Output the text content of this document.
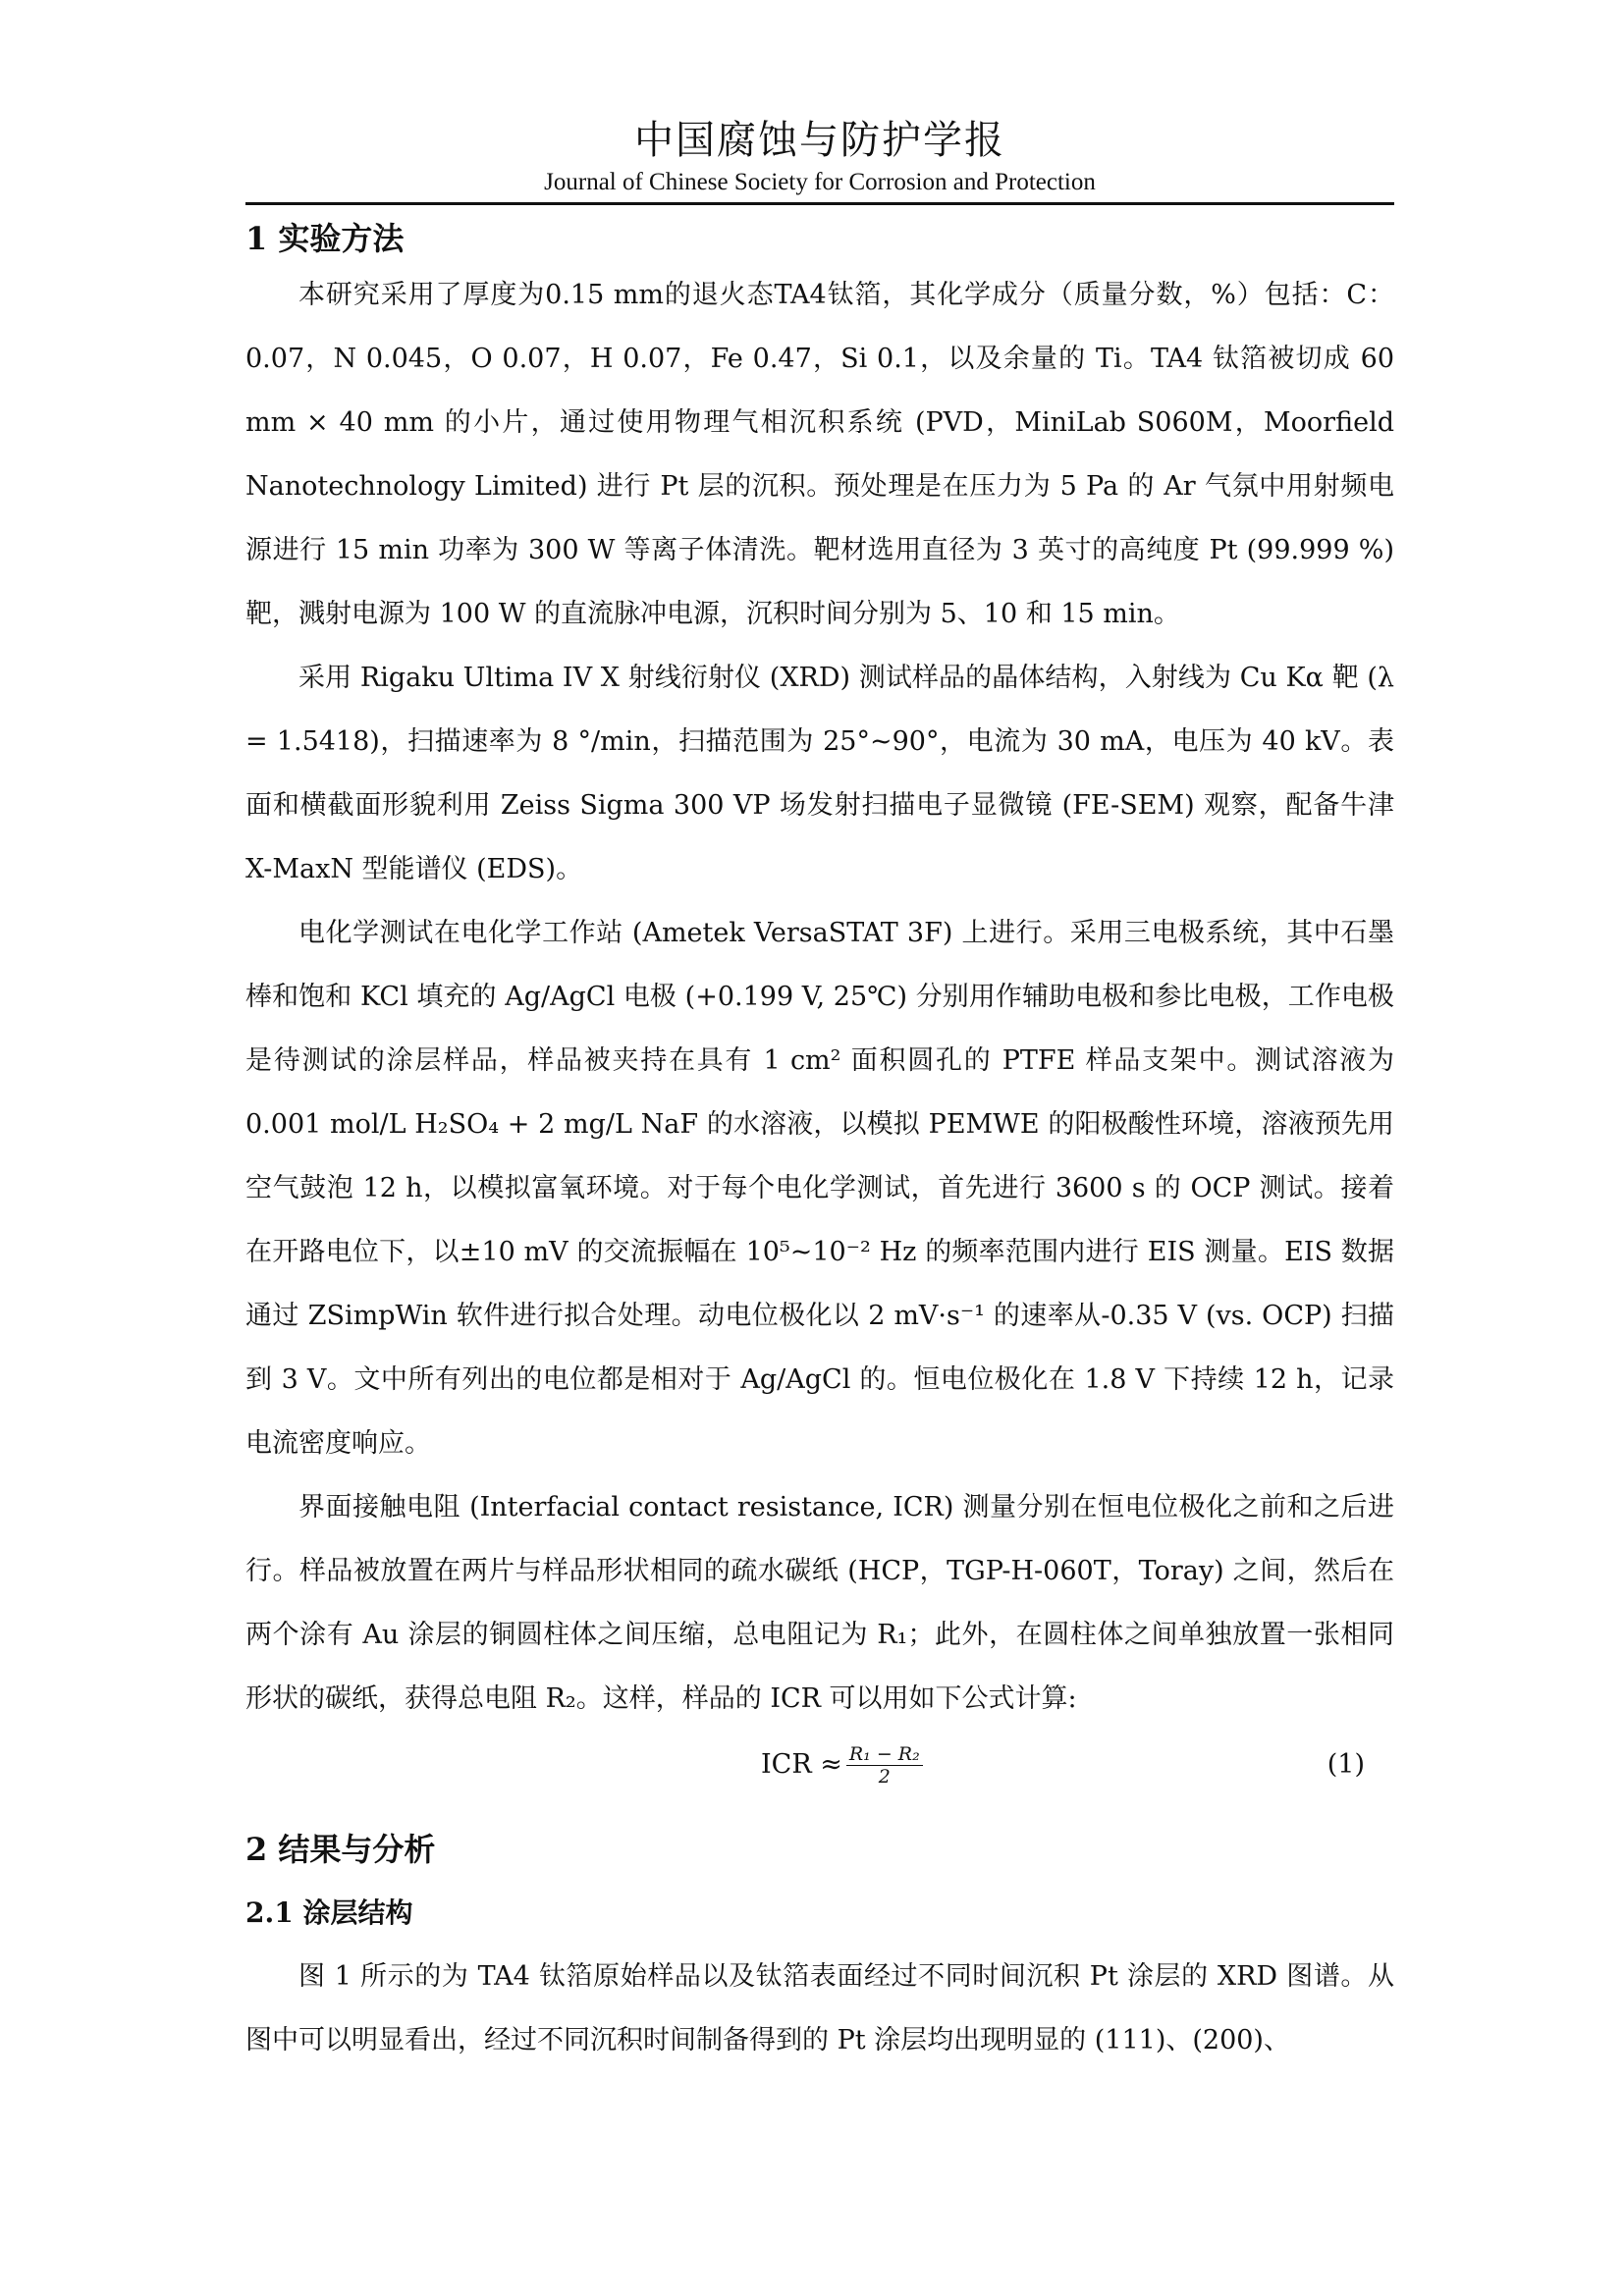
中国腐蚀与防护学报
Journal of Chinese Society for Corrosion and Protection
1 实验方法

本研究采用了厚度为0.15 mm的退火态TA4钛箔，其化学成分（质量分数，%）包括：C：0.07，N 0.045，O 0.07，H 0.07，Fe 0.47，Si 0.1，以及余量的 Ti。TA4 钛箔被切成 60 mm × 40 mm 的小片，通过使用物理气相沉积系统 (PVD，MiniLab S060M，Moorfield Nanotechnology Limited) 进行 Pt 层的沉积。预处理是在压力为 5 Pa 的 Ar 气氛中用射频电源进行 15 min 功率为 300 W 等离子体清洗。靶材选用直径为 3 英寸的高纯度 Pt (99.999 %) 靶，溅射电源为 100 W 的直流脉冲电源，沉积时间分别为 5、10 和 15 min。

采用 Rigaku Ultima IV X 射线衍射仪 (XRD) 测试样品的晶体结构，入射线为 Cu Kα 靶 (λ = 1.5418)，扫描速率为 8 °/min，扫描范围为 25°~90°，电流为 30 mA，电压为 40 kV。表面和横截面形貌利用 Zeiss Sigma 300 VP 场发射扫描电子显微镜 (FE-SEM) 观察，配备牛津 X-MaxN 型能谱仪 (EDS)。

电化学测试在电化学工作站 (Ametek VersaSTAT 3F) 上进行。采用三电极系统，其中石墨棒和饱和 KCl 填充的 Ag/AgCl 电极 (+0.199 V, 25℃) 分别用作辅助电极和参比电极，工作电极是待测试的涂层样品，样品被夹持在具有 1 cm² 面积圆孔的 PTFE 样品支架中。测试溶液为 0.001 mol/L H₂SO₄ + 2 mg/L NaF 的水溶液，以模拟 PEMWE 的阳极酸性环境，溶液预先用空气鼓泡 12 h，以模拟富氧环境。对于每个电化学测试，首先进行 3600 s 的 OCP 测试。接着在开路电位下，以±10 mV 的交流振幅在 10⁵~10⁻² Hz 的频率范围内进行 EIS 测量。EIS 数据通过 ZSimpWin 软件进行拟合处理。动电位极化以 2 mV·s⁻¹ 的速率从-0.35 V (vs. OCP) 扫描到 3 V。文中所有列出的电位都是相对于 Ag/AgCl 的。恒电位极化在 1.8 V 下持续 12 h，记录电流密度响应。

界面接触电阻 (Interfacial contact resistance, ICR) 测量分别在恒电位极化之前和之后进行。样品被放置在两片与样品形状相同的疏水碳纸 (HCP，TGP-H-060T，Toray) 之间，然后在两个涂有 Au 涂层的铜圆柱体之间压缩，总电阻记为 R₁；此外，在圆柱体之间单独放置一张相同形状的碳纸，获得总电阻 R₂。这样，样品的 ICR 可以用如下公式计算:

ICR ≈ $\frac{\text{R₁ − R₂}}{2}$	(1)
2 结果与分析
2.1 涂层结构

图 1 所示的为 TA4 钛箔原始样品以及钛箔表面经过不同时间沉积 Pt 涂层的 XRD 图谱。从图中可以明显看出，经过不同沉积时间制备得到的 Pt 涂层均出现明显的 (111)、(200)、
